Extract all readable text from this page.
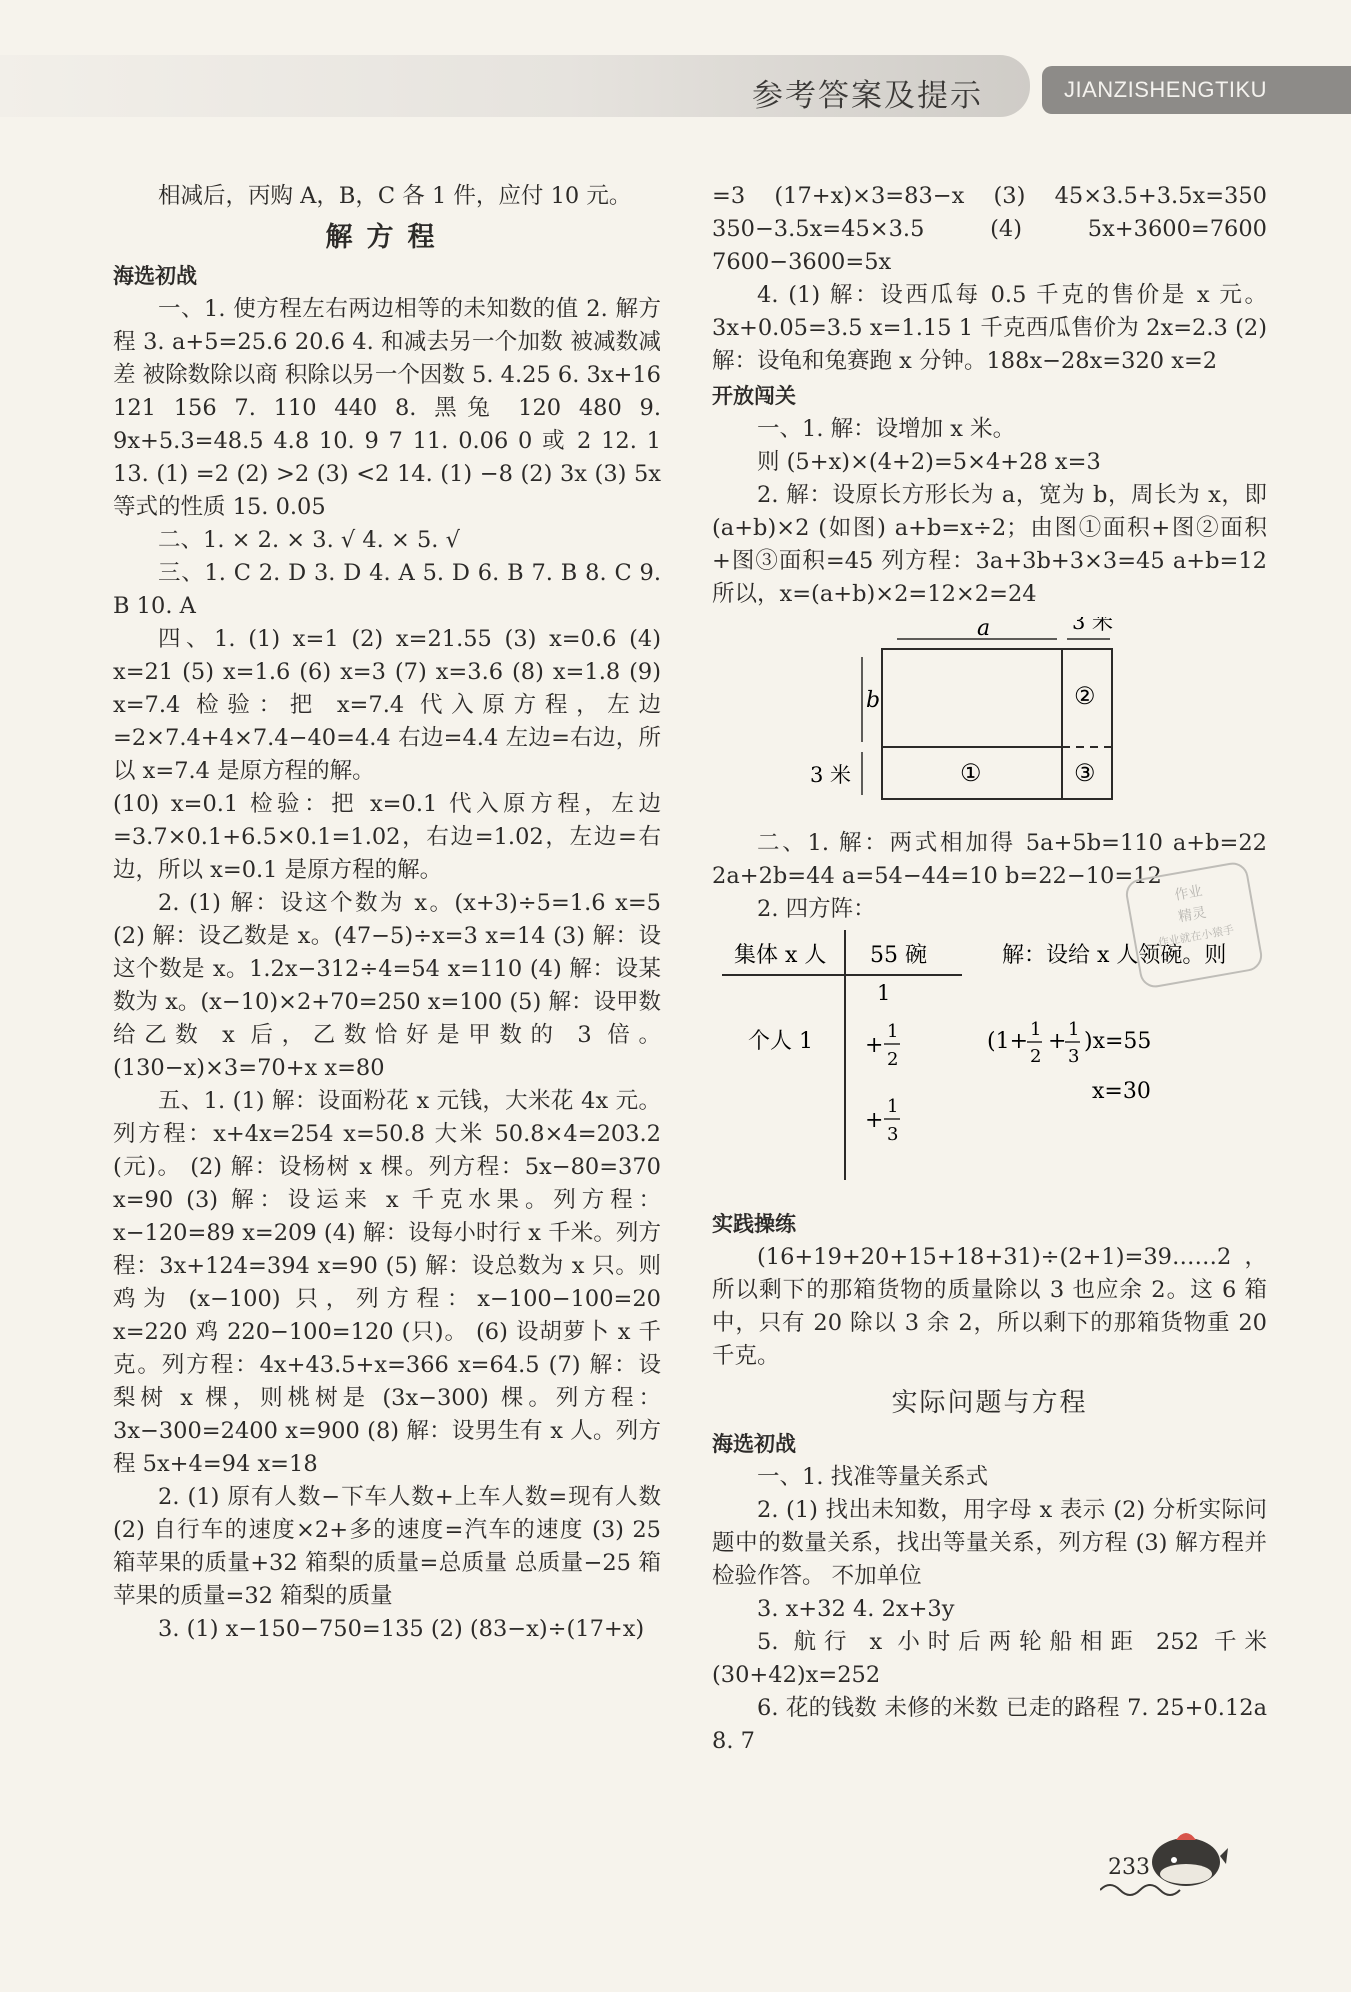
参考答案及提示	JIANZISHENGTIKU

相减后，丙购 A，B，C 各 1 件，应付 10 元。

解方程
海选初战

一、1. 使方程左右两边相等的未知数的值 2. 解方程 3. a+5=25.6 20.6 4. 和减去另一个加数 被减数减差 被除数除以商 积除以另一个因数 5. 4.25 6. 3x+16 121 156 7. 110 440 8. 黑兔 120 480 9. 9x+5.3=48.5 4.8 10. 9 7 11. 0.06 0 或 2 12. 1 13. (1) =2 (2) >2 (3) <2 14. (1) −8 (2) 3x (3) 5x 等式的性质 15. 0.05

二、1. × 2. × 3. √ 4. × 5. √

三、1. C 2. D 3. D 4. A 5. D 6. B 7. B 8. C 9. B 10. A

四、1. (1) x=1 (2) x=21.55 (3) x=0.6 (4) x=21 (5) x=1.6 (6) x=3 (7) x=3.6 (8) x=1.8 (9) x=7.4 检验：把 x=7.4 代入原方程，左边=2×7.4+4×7.4−40=4.4 右边=4.4 左边=右边，所以 x=7.4 是原方程的解。

(10) x=0.1 检验：把 x=0.1 代入原方程，左边=3.7×0.1+6.5×0.1=1.02，右边=1.02，左边=右边，所以 x=0.1 是原方程的解。

2. (1) 解：设这个数为 x。(x+3)÷5=1.6 x=5 (2) 解：设乙数是 x。(47−5)÷x=3 x=14 (3) 解：设这个数是 x。1.2x−312÷4=54 x=110 (4) 解：设某数为 x。(x−10)×2+70=250 x=100 (5) 解：设甲数给乙数 x 后，乙数恰好是甲数的 3 倍。(130−x)×3=70+x x=80

五、1. (1) 解：设面粉花 x 元钱，大米花 4x 元。列方程：x+4x=254 x=50.8 大米 50.8×4=203.2 (元)。 (2) 解：设杨树 x 棵。列方程：5x−80=370 x=90 (3) 解：设运来 x 千克水果。列方程：x−120=89 x=209 (4) 解：设每小时行 x 千米。列方程：3x+124=394 x=90 (5) 解：设总数为 x 只。则鸡为 (x−100) 只，列方程：x−100−100=20 x=220 鸡 220−100=120 (只)。 (6) 设胡萝卜 x 千克。列方程：4x+43.5+x=366 x=64.5 (7) 解：设梨树 x 棵，则桃树是 (3x−300) 棵。列方程：3x−300=2400 x=900 (8) 解：设男生有 x 人。列方程 5x+4=94 x=18

2. (1) 原有人数−下车人数+上车人数=现有人数 (2) 自行车的速度×2+多的速度=汽车的速度 (3) 25 箱苹果的质量+32 箱梨的质量=总质量 总质量−25 箱苹果的质量=32 箱梨的质量

3. (1) x−150−750=135 (2) (83−x)÷(17+x)

=3 (17+x)×3=83−x (3) 45×3.5+3.5x=350 350−3.5x=45×3.5 (4) 5x+3600=7600 7600−3600=5x

4. (1) 解：设西瓜每 0.5 千克的售价是 x 元。3x+0.05=3.5 x=1.15 1 千克西瓜售价为 2x=2.3 (2) 解：设龟和兔赛跑 x 分钟。188x−28x=320 x=2

开放闯关

一、1. 解：设增加 x 米。

则 (5+x)×(4+2)=5×4+28 x=3

2. 解：设原长方形长为 a，宽为 b，周长为 x，即 (a+b)×2 (如图) a+b=x÷2；由图①面积+图②面积+图③面积=45 列方程：3a+3b+3×3=45 a+b=12 所以，x=(a+b)×2=12×2=24

a	3 米
b
3 米	①
②
③

二、1. 解：两式相加得 5a+5b=110 a+b=22 2a+2b=44 a=54−44=10 b=22−10=12

2. 四方阵：

集体 x 人 55 碗
个人 1
1
+
1
2
+
1
3
解：设给 x 人领碗。则
(1+ 1
2
+ 1
3
)x=55
x=30
实践操练

(16+19+20+15+18+31)÷(2+1)=39……2，所以剩下的那箱货物的质量除以 3 也应余 2。这 6 箱中，只有 20 除以 3 余 2，所以剩下的那箱货物重 20 千克。

实际问题与方程
海选初战

一、1. 找准等量关系式

2. (1) 找出未知数，用字母 x 表示 (2) 分析实际问题中的数量关系，找出等量关系，列方程 (3) 解方程并检验作答。 不加单位

3. x+32 4. 2x+3y

5. 航行 x 小时后两轮船相距 252 千米 (30+42)x=252

6. 花的钱数 未修的米数 已走的路程 7. 25+0.12a 8. 7

作业
精灵
作业就在小猿手
233
